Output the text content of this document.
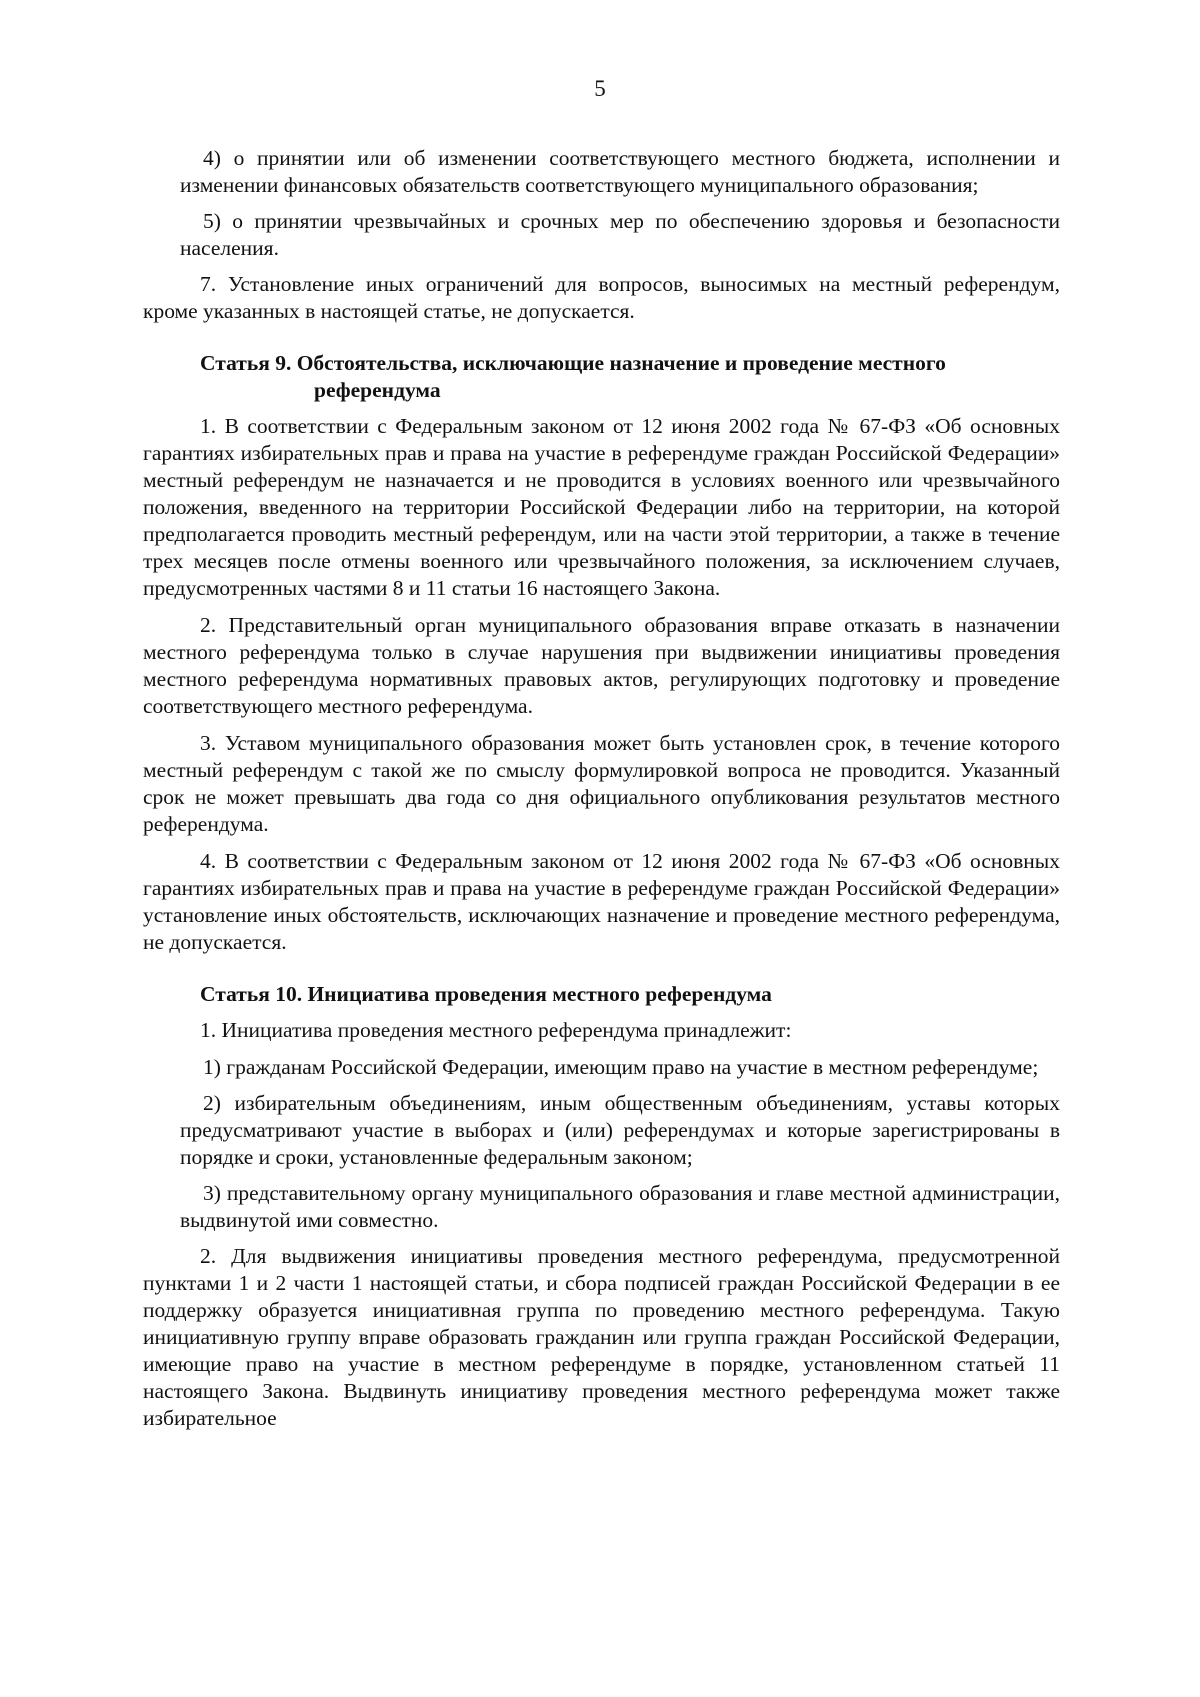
5

4) о принятии или об изменении соответствующего местного бюджета, исполнении и изменении финансовых обязательств соответствующего муниципального образования;

5) о принятии чрезвычайных и срочных мер по обеспечению здоровья и безопасности населения.

7. Установление иных ограничений для вопросов, выносимых на местный референдум, кроме указанных в настоящей статье, не допускается.

Статья 9. Обстоятельства, исключающие назначение и проведение местного
референдума

1. В соответствии с Федеральным законом от 12 июня 2002 года № 67-ФЗ «Об основных гарантиях избирательных прав и права на участие в референдуме граждан Российской Федерации» местный референдум не назначается и не проводится в условиях военного или чрезвычайного положения, введенного на территории Российской Федерации либо на территории, на которой предполагается проводить местный референдум, или на части этой территории, а также в течение трех месяцев после отмены военного или чрезвычайного положения, за исключением случаев, предусмотренных частями 8 и 11 статьи 16 настоящего Закона.

2. Представительный орган муниципального образования вправе отказать в назначении местного референдума только в случае нарушения при выдвижении инициативы проведения местного референдума нормативных правовых актов, регулирующих подготовку и проведение соответствующего местного референдума.

3. Уставом муниципального образования может быть установлен срок, в течение которого местный референдум с такой же по смыслу формулировкой вопроса не проводится. Указанный срок не может превышать два года со дня официального опубликования результатов местного референдума.

4. В соответствии с Федеральным законом от 12 июня 2002 года № 67-ФЗ «Об основных гарантиях избирательных прав и права на участие в референдуме граждан Российской Федерации» установление иных обстоятельств, исключающих назначение и проведение местного референдума, не допускается.

Статья 10. Инициатива проведения местного референдума

1. Инициатива проведения местного референдума принадлежит:

1) гражданам Российской Федерации, имеющим право на участие в местном референдуме;

2) избирательным объединениям, иным общественным объединениям, уставы которых предусматривают участие в выборах и (или) референдумах и которые зарегистрированы в порядке и сроки, установленные федеральным законом;

3) представительному органу муниципального образования и главе местной администрации, выдвинутой ими совместно.

2. Для выдвижения инициативы проведения местного референдума, предусмотренной пунктами 1 и 2 части 1 настоящей статьи, и сбора подписей граждан Российской Федерации в ее поддержку образуется инициативная группа по проведению местного референдума. Такую инициативную группу вправе образовать гражданин или группа граждан Российской Федерации, имеющие право на участие в местном референдуме в порядке, установленном статьей 11 настоящего Закона. Выдвинуть инициативу проведения местного референдума может также избирательное
